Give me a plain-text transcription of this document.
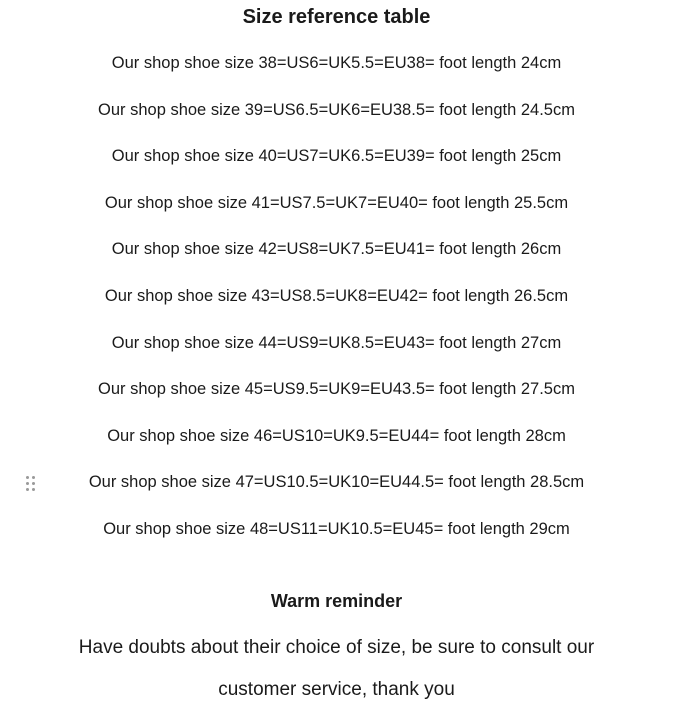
Size reference table
Our shop shoe size 38=US6=UK5.5=EU38= foot length 24cm
Our shop shoe size 39=US6.5=UK6=EU38.5= foot length 24.5cm
Our shop shoe size 40=US7=UK6.5=EU39= foot length 25cm
Our shop shoe size 41=US7.5=UK7=EU40= foot length 25.5cm
Our shop shoe size 42=US8=UK7.5=EU41= foot length 26cm
Our shop shoe size 43=US8.5=UK8=EU42= foot length 26.5cm
Our shop shoe size 44=US9=UK8.5=EU43= foot length 27cm
Our shop shoe size 45=US9.5=UK9=EU43.5= foot length 27.5cm
Our shop shoe size 46=US10=UK9.5=EU44= foot length 28cm
Our shop shoe size 47=US10.5=UK10=EU44.5= foot length 28.5cm
Our shop shoe size 48=US11=UK10.5=EU45= foot length 29cm
Warm reminder
Have doubts about their choice of size, be sure to consult our customer service, thank you
